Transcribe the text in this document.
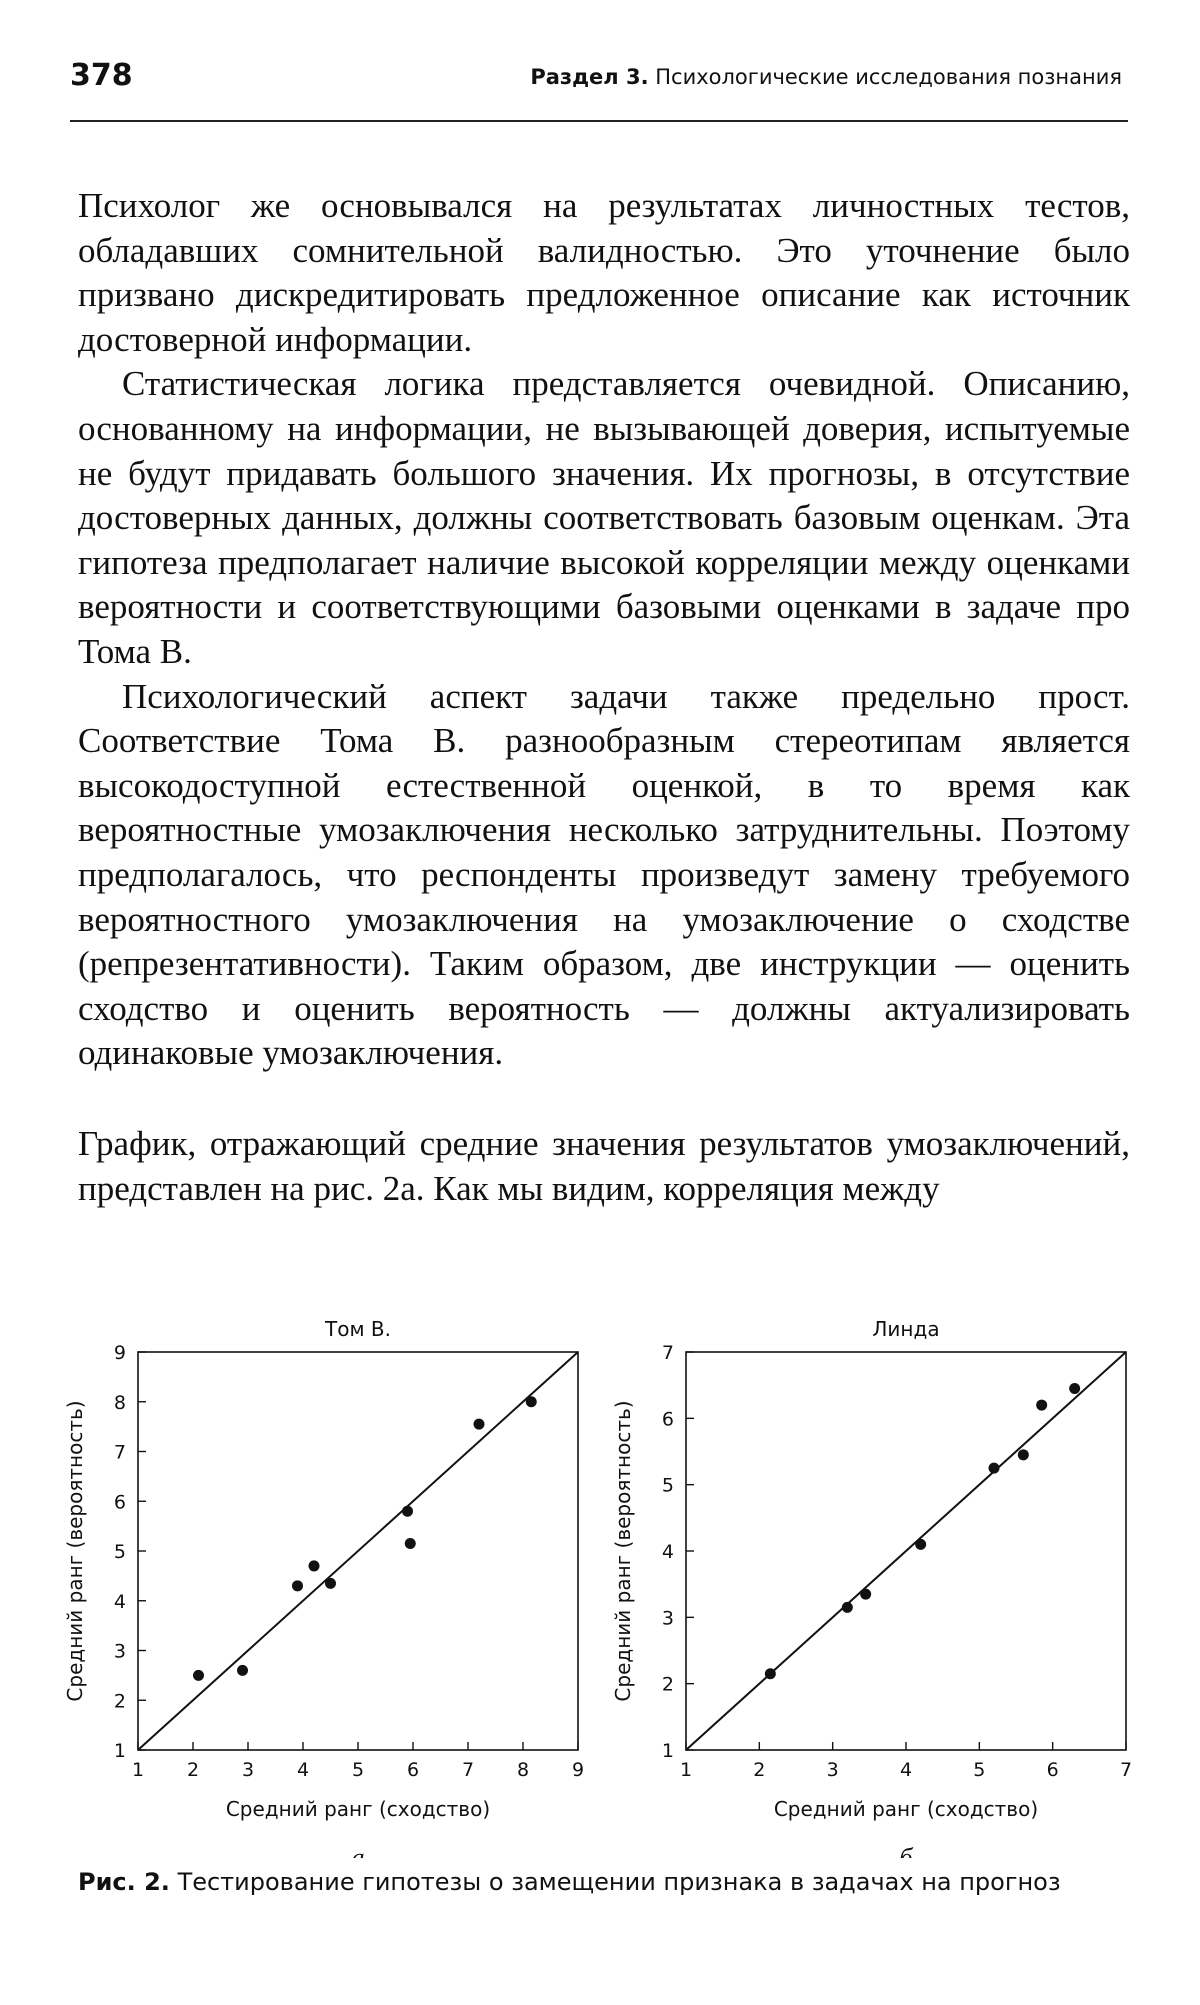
378	Раздел 3. Психологические исследования познания

Психолог же основывался на результатах личностных тестов, обладавших сомнительной валидностью. Это уточнение было призвано дискредитировать предложенное описание как источник достоверной информации.

Статистическая логика представляется очевидной. Описанию, основанному на информации, не вызывающей доверия, испытуемые не будут придавать большого значения. Их прогнозы, в отсутствие достоверных данных, должны соответствовать базовым оценкам. Эта гипотеза предполагает наличие высокой корреляции между оценками вероятности и соответствующими базовыми оценками в задаче про Тома В.

Психологический аспект задачи также предельно прост. Соответствие Тома В. разнообразным стереотипам является высокодоступной естественной оценкой, в то время как вероятностные умозаключения несколько затруднительны. Поэтому предполагалось, что респонденты произведут замену требуемого вероятностного умозаключения на умозаключение о сходстве (репрезентативности). Таким образом, две инструкции — оценить сходство и оценить вероятность — должны актуализировать одинаковые умозаключения.

График, отражающий средние значения результатов умозаключений, представлен на рис. 2а. Как мы видим, корреляция между

Том В.
1 2 3 4 5 6 7 8 9
1
2
3
4
5
6
7
8
9
Средний ранг (сходство)
Средний ранг (вероятность)
а
Линда
1	2	3	4	5	6	7
1
2
3
4
5
6
7
Средний ранг (сходство)
Средний ранг (вероятность)
б
Рис. 2. Тестирование гипотезы о замещении признака в задачах на прогноз
